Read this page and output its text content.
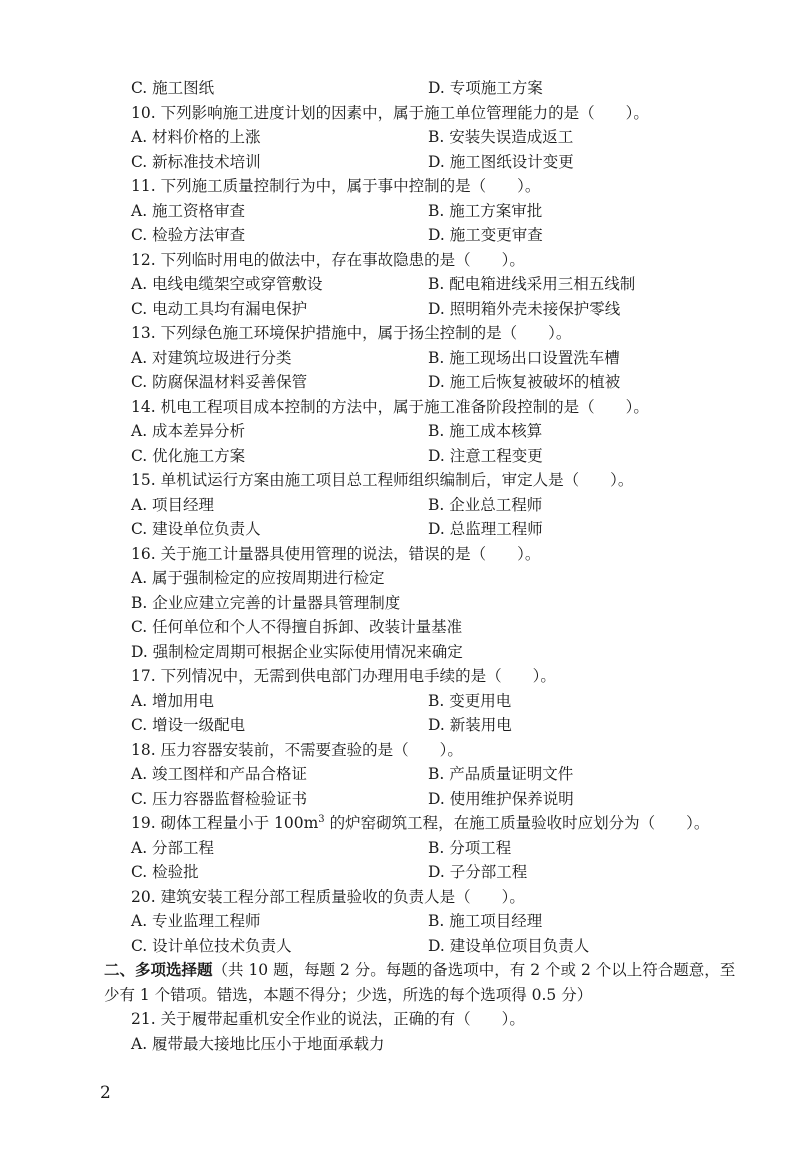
C. 施工图纸	D. 专项施工方案
10. 下列影响施工进度计划的因素中，属于施工单位管理能力的是（　　）。
A. 材料价格的上涨	B. 安装失误造成返工
C. 新标准技术培训	D. 施工图纸设计变更
11. 下列施工质量控制行为中，属于事中控制的是（　　）。
A. 施工资格审查	B. 施工方案审批
C. 检验方法审查	D. 施工变更审查
12. 下列临时用电的做法中，存在事故隐患的是（　　）。
A. 电线电缆架空或穿管敷设	B. 配电箱进线采用三相五线制
C. 电动工具均有漏电保护	D. 照明箱外壳未接保护零线
13. 下列绿色施工环境保护措施中，属于扬尘控制的是（　　）。
A. 对建筑垃圾进行分类	B. 施工现场出口设置洗车槽
C. 防腐保温材料妥善保管	D. 施工后恢复被破坏的植被
14. 机电工程项目成本控制的方法中，属于施工准备阶段控制的是（　　）。
A. 成本差异分析	B. 施工成本核算
C. 优化施工方案	D. 注意工程变更
15. 单机试运行方案由施工项目总工程师组织编制后，审定人是（　　）。
A. 项目经理	B. 企业总工程师
C. 建设单位负责人	D. 总监理工程师
16. 关于施工计量器具使用管理的说法，错误的是（　　）。
A. 属于强制检定的应按周期进行检定
B. 企业应建立完善的计量器具管理制度
C. 任何单位和个人不得擅自拆卸、改装计量基准
D. 强制检定周期可根据企业实际使用情况来确定
17. 下列情况中，无需到供电部门办理用电手续的是（　　）。
A. 增加用电	B. 变更用电
C. 增设一级配电	D. 新装用电
18. 压力容器安装前，不需要查验的是（　　）。
A. 竣工图样和产品合格证	B. 产品质量证明文件
C. 压力容器监督检验证书	D. 使用维护保养说明
19. 砌体工程量小于 $100m^3$ 的炉窑砌筑工程，在施工质量验收时应划分为（　　）。
A. 分部工程	B. 分项工程
C. 检验批	D. 子分部工程
20. 建筑安装工程分部工程质量验收的负责人是（　　）。
A. 专业监理工程师	B. 施工项目经理
C. 设计单位技术负责人	D. 建设单位项目负责人
二、多项选择题（共 10 题，每题 2 分。每题的备选项中，有 2 个或 2 个以上符合题意，至
少有 1 个错项。错选，本题不得分；少选，所选的每个选项得 0.5 分）
21. 关于履带起重机安全作业的说法，正确的有（　　）。
A. 履带最大接地比压小于地面承载力
2
